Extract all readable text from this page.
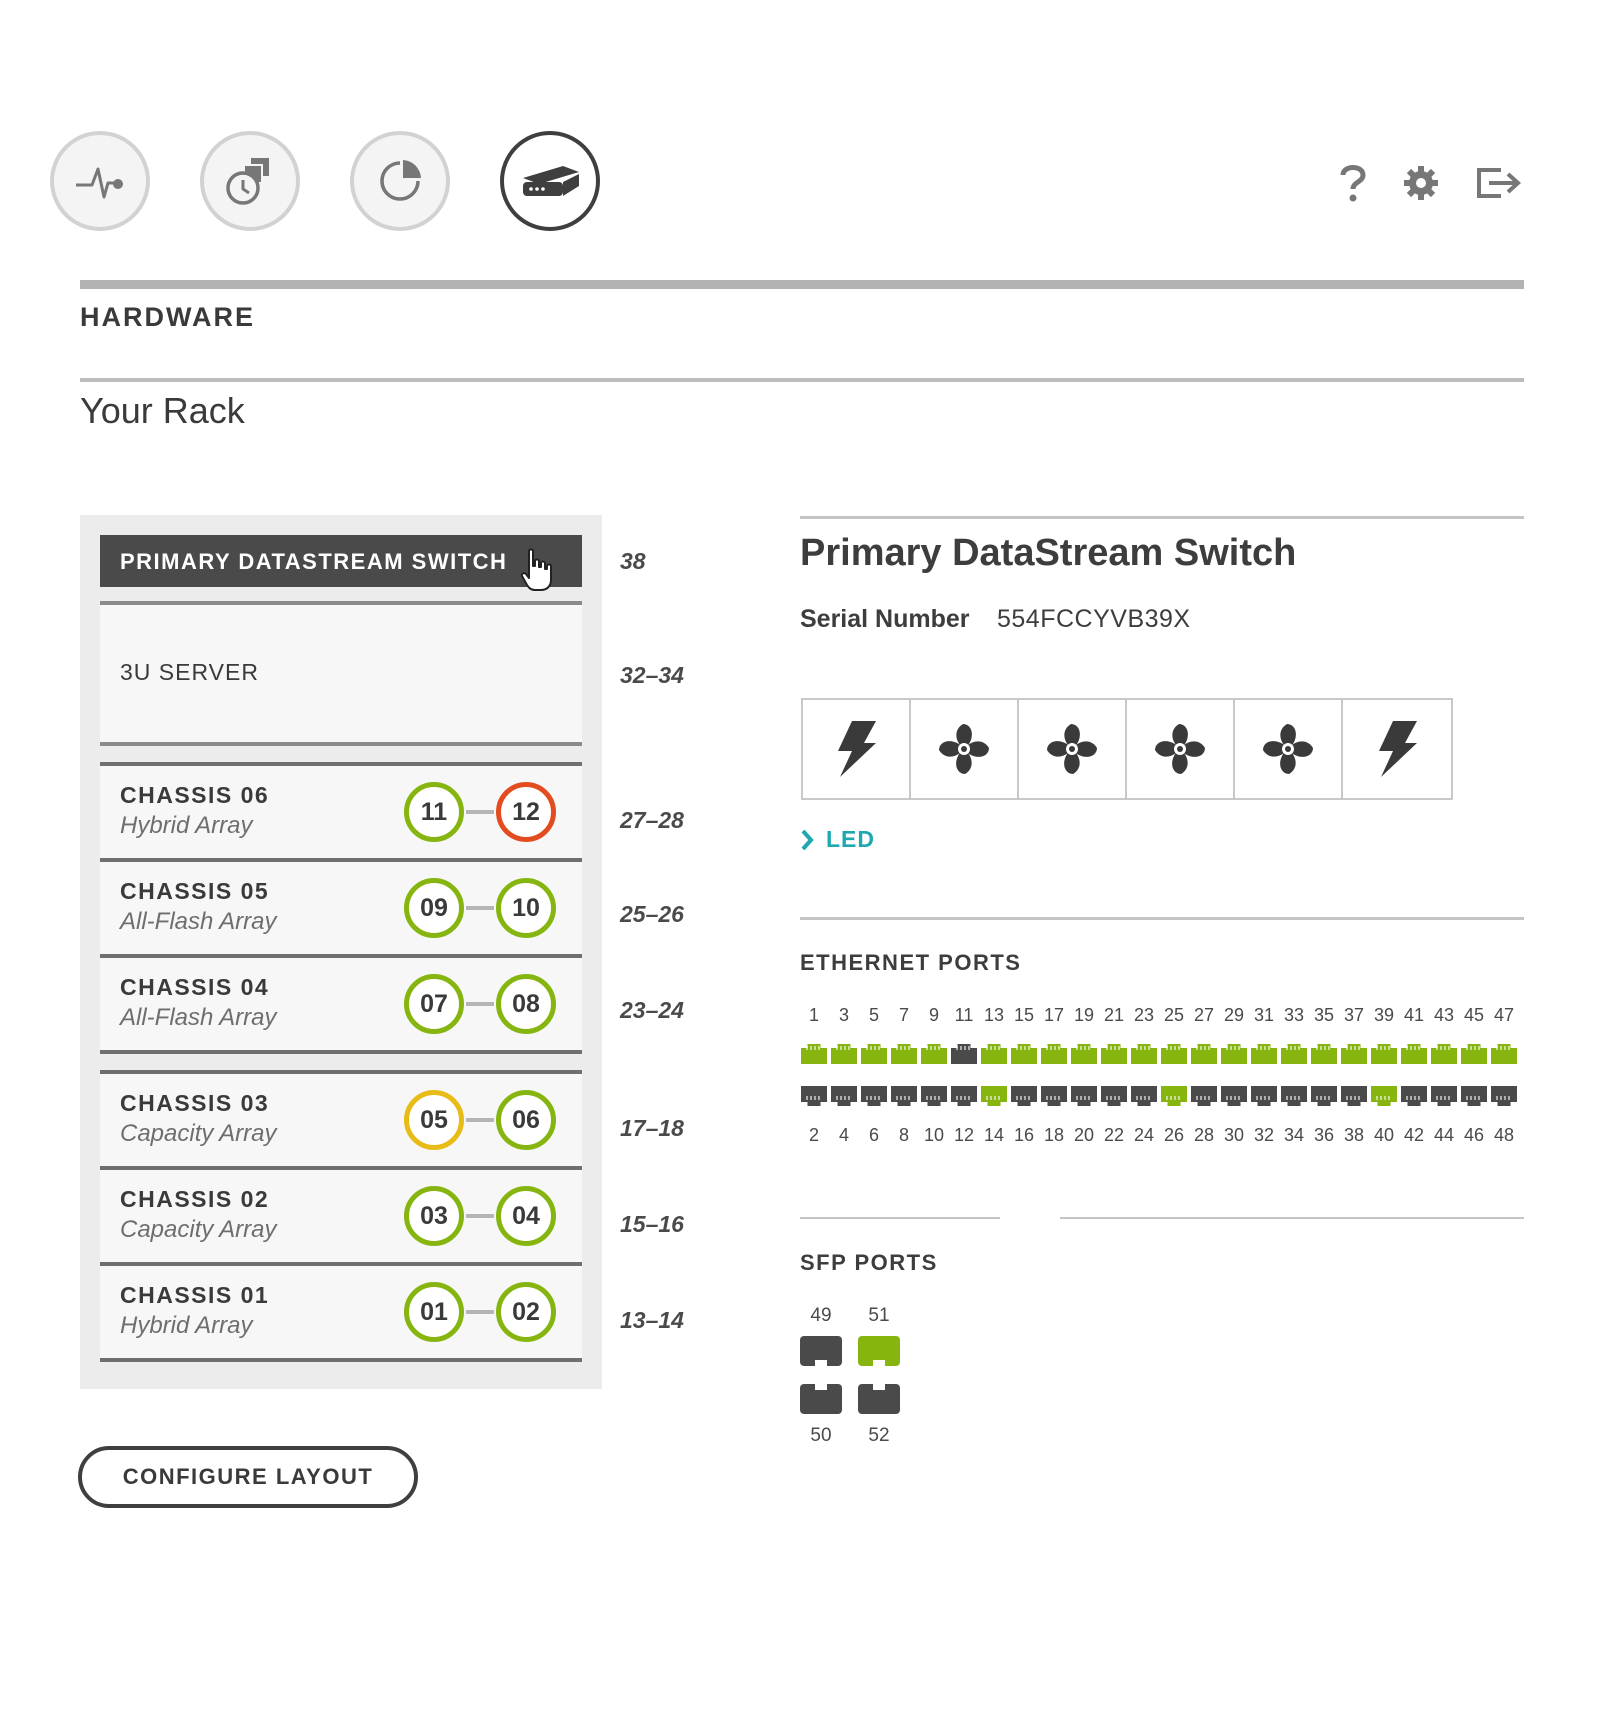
HARDWARE
Your Rack
PRIMARY DATASTREAM SWITCH
3U SERVER
CHASSIS 06
Hybrid Array	11	12
CHASSIS 05
All-Flash Array	09	10
CHASSIS 04
All-Flash Array	07	08
CHASSIS 03
Capacity Array	05	06
CHASSIS 02
Capacity Array	03	04
CHASSIS 01
Hybrid Array	01	02
38
32–34
27–28
25–26
23–24
17–18
15–16
13–14
CONFIGURE LAYOUT
Primary DataStream Switch
Serial Number 554FCCYVB39X
LED
ETHERNET PORTS
1	3	5	7	9 11 13 15 17 19 21 23 25 27 29 31 33 35 37 39 41 43 45 47
2	4	6	8 10 12 14 16 18 20 22 24 26 28 30 32 34 36 38 40 42 44 46 48
SFP PORTS
49	51
50	52
